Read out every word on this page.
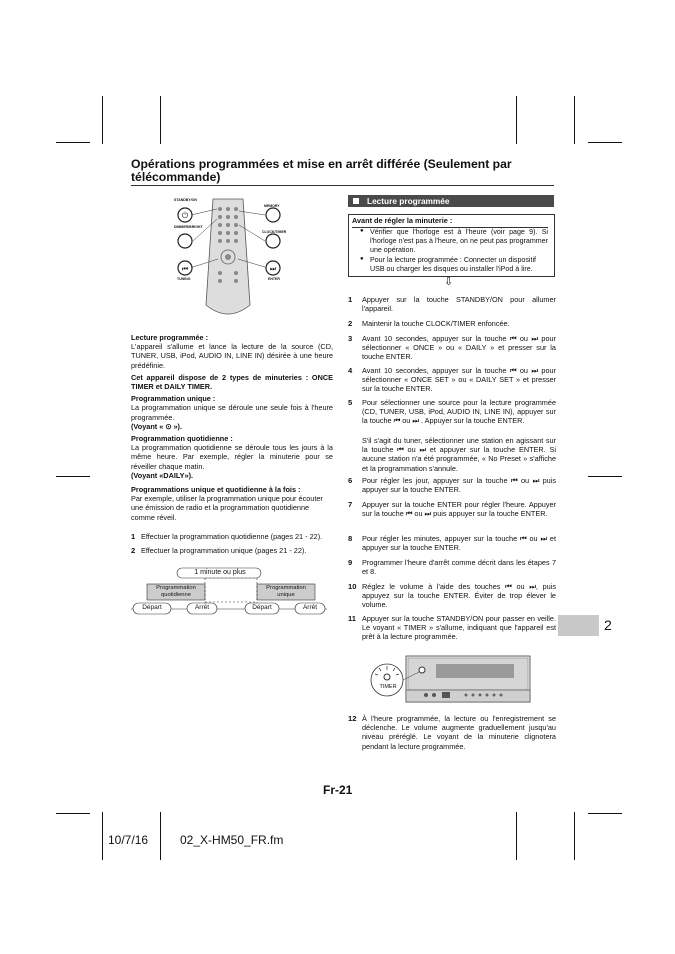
Opérations programmées et mise en arrêt différée (Seulement par télécommande)
⏻
⏮	⏭
STANDBY/ON
MEMORY
DIMMER/BRIGHT
CLOCK/TIMER
TUNING	ENTER
Lecture programmée :
L'appareil s'allume et lance la lecture de la source (CD, TUNER, USB, iPod, AUDIO IN, LINE IN) désirée à une heure prédéfinie.
Cet appareil dispose de 2 types de minuteries : ONCE TIMER et DAILY TIMER.
Programmation unique :
La programmation unique se déroule une seule fois à l'heure programmée.
(Voyant « ⊙ »).
Programmation quotidienne :
La programmation quotidienne se déroule tous les jours à la même heure. Par exemple, régler la minuterie pour se réveiller chaque matin.
(Voyant «DAILY»).
Programmations unique et quotidienne à la fois :
Par exemple, utiliser la programmation unique pour écouter une émission de radio et la programmation quotidienne comme réveil.
1 Effectuer la programmation quotidienne (pages 21 - 22).
2 Effectuer la programmation unique (pages 21 - 22).
1 minute ou plus
Programmation quotidienne
Programmation unique
Départ	Arrêt	Départ	Arrêt
Lecture programmée
Avant de régler la minuterie :
● Vérifier que l'horloge est à l'heure (voir page 9). Si l'horloge n'est pas à l'heure, on ne peut pas programmer une opération.
● Pour la lecture programmée : Connecter un dispositif USB ou charger les disques ou installer l'iPod à lire.
⇩
1 Appuyer sur la touche STANDBY/ON pour allumer l'appareil.
2 Maintenir la touche CLOCK/TIMER enfoncée.
3 Avant 10 secondes, appuyer sur la touche ⏮ ou ⏭ pour sélectionner « ONCE » ou « DAILY » et presser sur la touche ENTER.
4 Avant 10 secondes, appuyer sur la touche ⏮ ou ⏭ pour sélectionner « ONCE SET » ou « DAILY SET » et presser sur la touche ENTER.
5 Pour sélectionner une source pour la lecture programmée (CD, TUNER, USB, iPod, AUDIO IN, LINE IN), appuyer sur la touche ⏮ ou ⏭ . Appuyer sur la touche ENTER.
S'il s'agit du tuner, sélectionner une station en agissant sur la touche ⏮ ou ⏭ et appuyer sur la touche ENTER. Si aucune station n'a été programmée, « No Preset » s'affiche et la programmation s'annule.
6 Pour régler les jour, appuyer sur la touche ⏮ ou ⏭ puis appuyer sur la touche ENTER.
7 Appuyer sur la touche ENTER pour régler l'heure. Appuyer sur la touche ⏮ ou ⏭ puis appuyer sur la touche ENTER.
8 Pour régler les minutes, appuyer sur la touche ⏮ ou ⏭ et appuyer sur la touche ENTER.
9 Programmer l'heure d'arrêt comme décrit dans les étapes 7 et 8.
10 Réglez le volume à l'aide des touches ⏮ ou ⏭, puis appuyez sur la touche ENTER. Éviter de trop élever le volume.
11 Appuyer sur la touche STANDBY/ON pour passer en veille. Le voyant « TIMER » s'allume, indiquant que l'appareil est prêt à la lecture programmée.
12 À l'heure programmée, la lecture ou l'enregistrement se déclenche. Le volume augmente graduellement jusqu'au niveau préréglé. Le voyant de la minuterie clignotera pendant la lecture programmée.
TIMER
2
Fr-21
10/7/16	02_X-HM50_FR.fm
